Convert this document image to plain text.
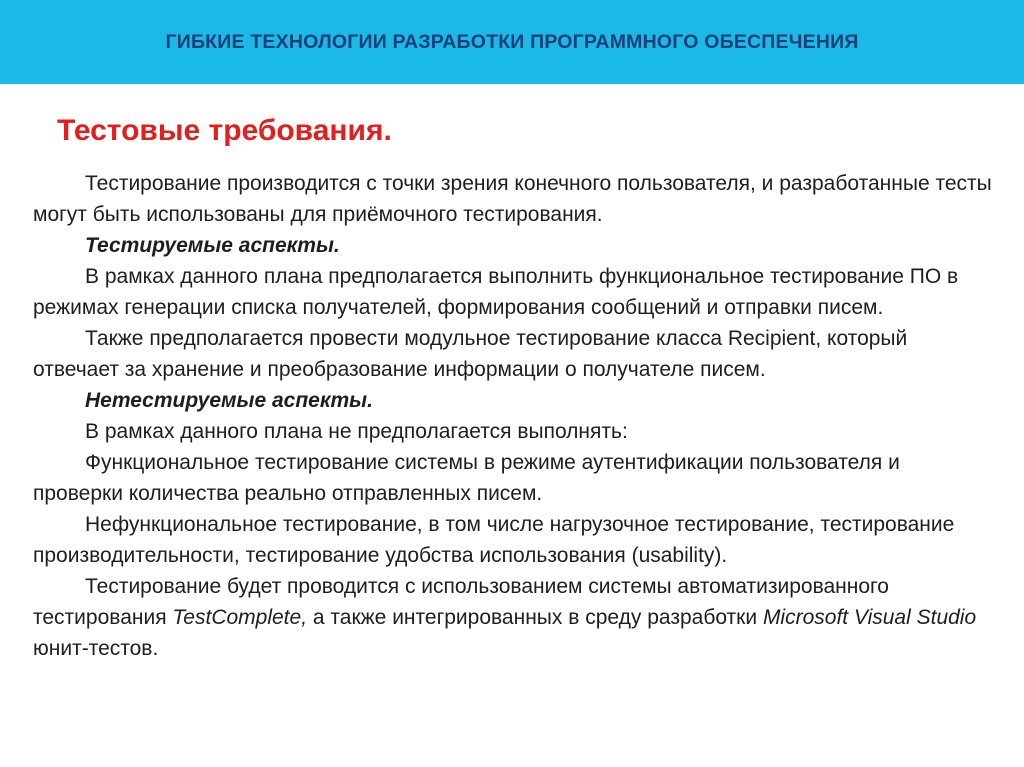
ГИБКИЕ ТЕХНОЛОГИИ РАЗРАБОТКИ ПРОГРАММНОГО ОБЕСПЕЧЕНИЯ
Тестовые требования.

Тестирование производится с точки зрения конечного пользователя, и разработанные тесты могут быть использованы для приёмочного тестирования.

Тестируемые аспекты.

В рамках данного плана предполагается выполнить функциональное тестирование ПО в режимах генерации списка получателей, формирования сообщений и отправки писем.

Также предполагается провести модульное тестирование класса Recipient, который отвечает за хранение и преобразование информации о получателе писем.

Нетестируемые аспекты.

В рамках данного плана не предполагается выполнять:

Функциональное тестирование системы в режиме аутентификации пользователя и проверки количества реально отправленных писем.

Нефункциональное тестирование, в том числе нагрузочное тестирование, тестирование производительности, тестирование удобства использования (usability).

Тестирование будет проводится с использованием системы автоматизированного тестирования TestComplete, а также интегрированных в среду разработки Microsoft Visual Studio юнит-тестов.
